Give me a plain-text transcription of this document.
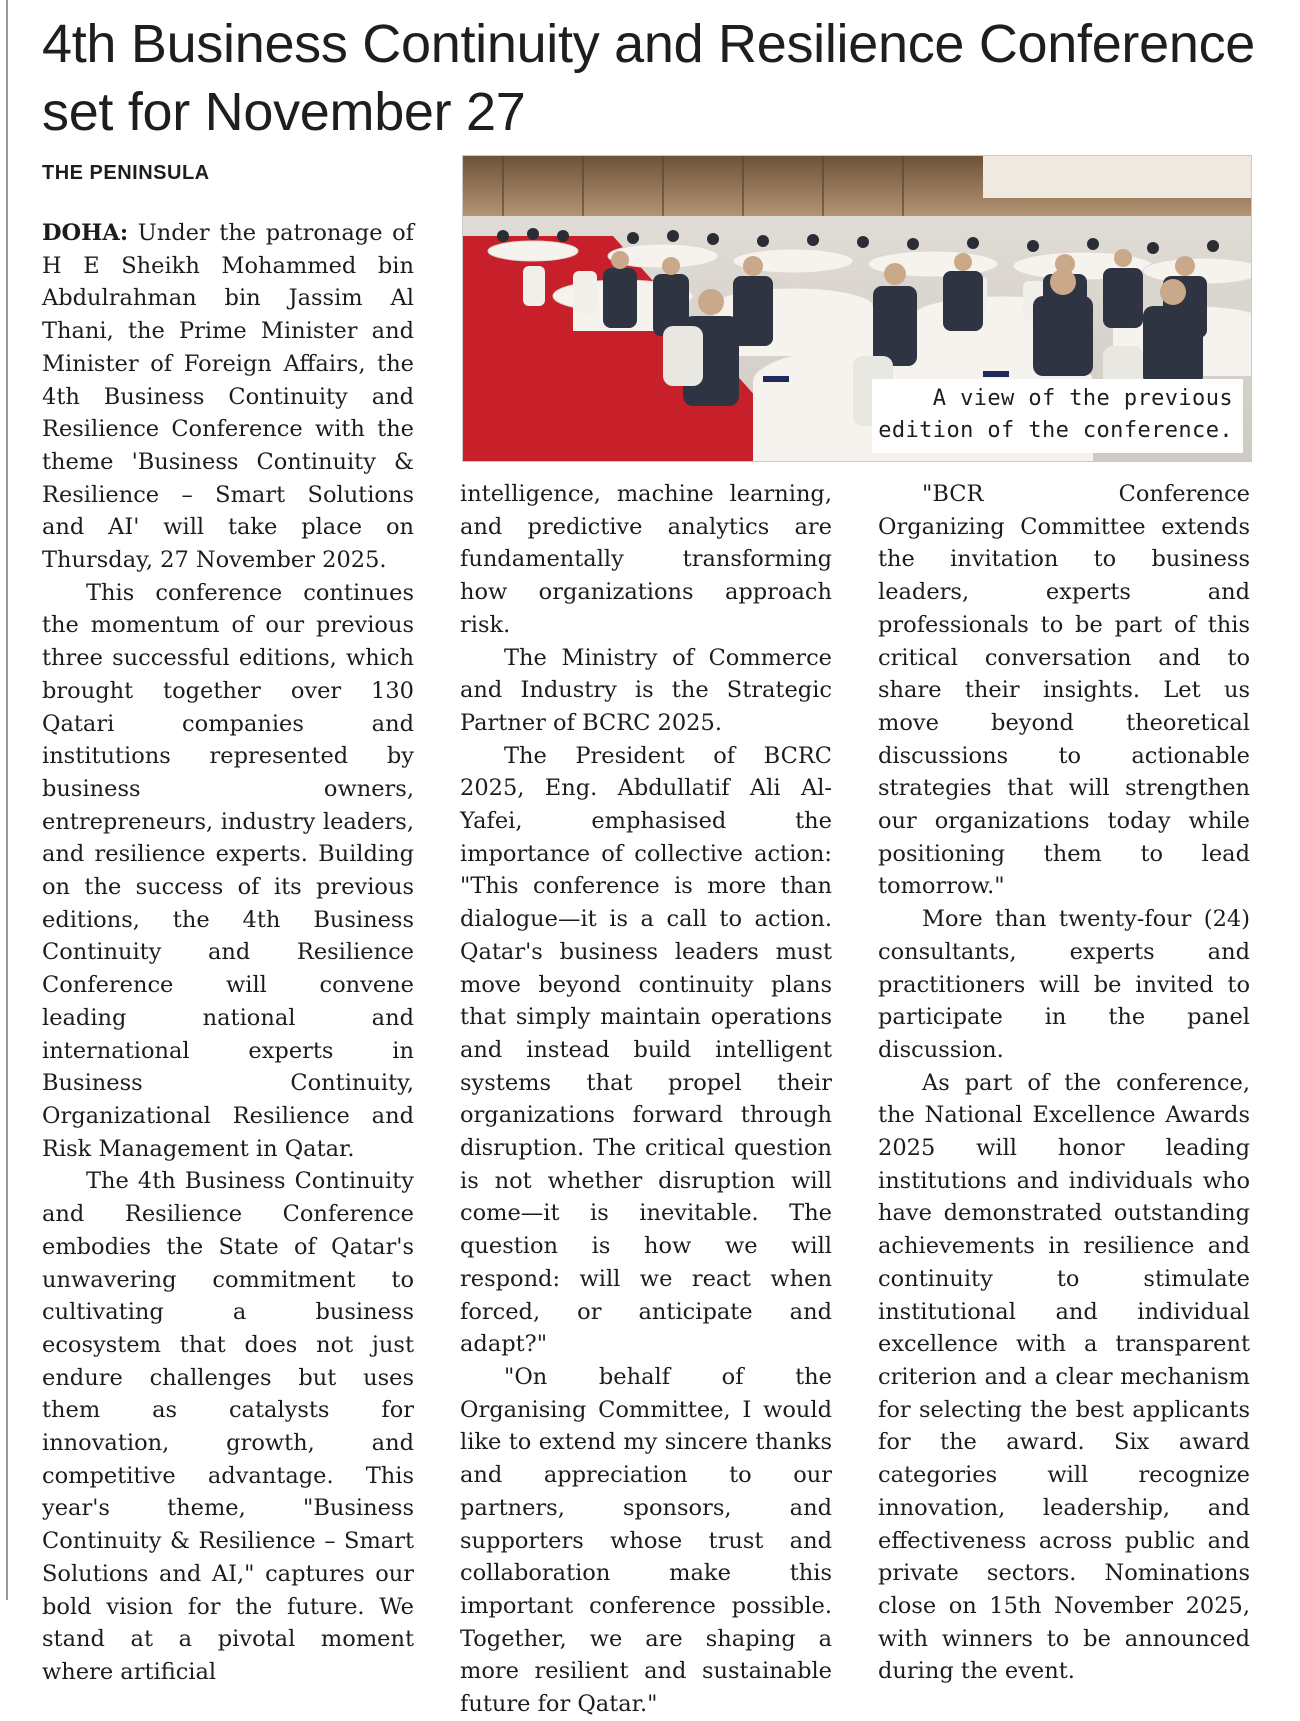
4th Business Continuity and Resilience Conference set for November 27
THE PENINSULA
A view of the previous
edition of the conference.

DOHA: Under the patronage of H E Sheikh Mohammed bin Abdulrahman bin Jassim Al Thani, the Prime Minister and Minister of Foreign Affairs, the 4th Business Continuity and Resilience Conference with the theme 'Business Continuity & Resilience – Smart Solutions and AI' will take place on Thursday, 27 November 2025.

This conference continues the momentum of our previous three successful editions, which brought together over 130 Qatari companies and institutions represented by business owners, entrepreneurs, industry leaders, and resilience experts. Building on the success of its previous editions, the 4th Business Continuity and Resilience Conference will convene leading national and international experts in Business Continuity, Organizational Resilience and Risk Management in Qatar.

The 4th Business Continuity and Resilience Conference embodies the State of Qatar's unwavering commitment to cultivating a business ecosystem that does not just endure challenges but uses them as catalysts for innovation, growth, and competitive advantage. This year's theme, "Business Continuity & Resilience – Smart Solutions and AI," captures our bold vision for the future. We stand at a pivotal moment where artificial

intelligence, machine learning, and predictive analytics are fundamentally transforming how organizations approach risk.

The Ministry of Commerce and Industry is the Strategic Partner of BCRC 2025.

The President of BCRC 2025, Eng. Abdullatif Ali Al-Yafei, emphasised the importance of collective action: "This conference is more than dialogue—it is a call to action. Qatar's business leaders must move beyond continuity plans that simply maintain operations and instead build intelligent systems that propel their organizations forward through disruption. The critical question is not whether disruption will come—it is inevitable. The question is how we will respond: will we react when forced, or anticipate and adapt?"

"On behalf of the Organising Committee, I would like to extend my sincere thanks and appreciation to our partners, sponsors, and supporters whose trust and collaboration make this important conference possible. Together, we are shaping a more resilient and sustainable future for Qatar."

"BCR Conference Organizing Committee extends the invitation to business leaders, experts and professionals to be part of this critical conversation and to share their insights. Let us move beyond theoretical discussions to actionable strategies that will strengthen our organizations today while positioning them to lead tomorrow."

More than twenty-four (24) consultants, experts and practitioners will be invited to participate in the panel discussion.

As part of the conference, the National Excellence Awards 2025 will honor leading institutions and individuals who have demonstrated outstanding achievements in resilience and continuity to stimulate institutional and individual excellence with a transparent criterion and a clear mechanism for selecting the best applicants for the award. Six award categories will recognize innovation, leadership, and effectiveness across public and private sectors. Nominations close on 15th November 2025, with winners to be announced during the event.
